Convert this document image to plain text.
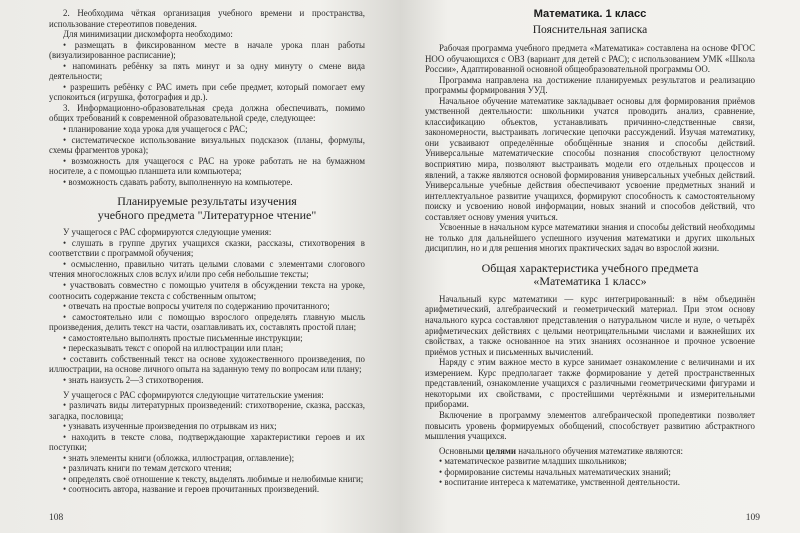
2. Необходима чёткая организация учебного времени и пространства, использование стереотипов поведения.

Для минимизации дискомфорта необходимо:

• размещать в фиксированном месте в начале урока план работы (визуализированное расписание);

• напоминать ребёнку за пять минут и за одну минуту о смене вида деятельности;

• разрешить ребёнку с РАС иметь при себе предмет, который помогает ему успокоиться (игрушка, фотография и др.).

3. Информационно-образовательная среда должна обеспечивать, помимо общих требований к современной образовательной среде, следующее:

• планирование хода урока для учащегося с РАС;

• систематическое использование визуальных подсказок (планы, формулы, схемы фрагментов урока);

• возможность для учащегося с РАС на уроке работать не на бумажном носителе, а с помощью планшета или компьютера;

• возможность сдавать работу, выполненную на компьютере.

Планируемые результаты изучения
учебного предмета "Литературное чтение"

У учащегося с РАС сформируются следующие умения:

• слушать в группе других учащихся сказки, рассказы, стихотворения в соответствии с программой обучения;

• осмысленно, правильно читать целыми словами с элементами слогового чтения многосложных слов вслух и/или про себя небольшие тексты;

• участвовать совместно с помощью учителя в обсуждении текста на уроке, соотносить содержание текста с собственным опытом;

• отвечать на простые вопросы учителя по содержанию прочитанного;

• самостоятельно или с помощью взрослого определять главную мысль произведения, делить текст на части, озаглавливать их, составлять простой план;

• самостоятельно выполнять простые письменные инструкции;

• пересказывать текст с опорой на иллюстрации или план;

• составить собственный текст на основе художественного произведения, по иллюстрации, на основе личного опыта на заданную тему по вопросам или плану;

• знать наизусть 2—3 стихотворения.

У учащегося с РАС сформируются следующие читательские умения:

• различать виды литературных произведений: стихотворение, сказка, рассказ, загадка, пословица;

• узнавать изученные произведения по отрывкам из них;

• находить в тексте слова, подтверждающие характеристики героев и их поступки;

• знать элементы книги (обложка, иллюстрация, оглавление);

• различать книги по темам детского чтения;

• определять своё отношение к тексту, выделять любимые и нелюбимые книги;

• соотносить автора, название и героев прочитанных произведений.

108
Математика. 1 класс
Пояснительная записка

Рабочая программа учебного предмета «Математика» составлена на основе ФГОС НОО обучающихся с ОВЗ (вариант для детей с РАС); с использованием УМК «Школа России», Адаптированной основной общеобразовательной программы ОО.

Программа направлена на достижение планируемых результатов и реализацию программы формирования УУД.

Начальное обучение математике закладывает основы для формирования приёмов умственной деятельности: школьники учатся проводить анализ, сравнение, классификацию объектов, устанавливать причинно-следственные связи, закономерности, выстраивать логические цепочки рассуждений. Изучая математику, они усваивают определённые обобщённые знания и способы действий. Универсальные математические способы познания способствуют целостному восприятию мира, позволяют выстраивать модели его отдельных процессов и явлений, а также являются основой формирования универсальных учебных действий. Универсальные учебные действия обеспечивают усвоение предметных знаний и интеллектуальное развитие учащихся, формируют способность к самостоятельному поиску и усвоению новой информации, новых знаний и способов действий, что составляет основу умения учиться.

Усвоенные в начальном курсе математики знания и способы действий необходимы не только для дальнейшего успешного изучения математики и других школьных дисциплин, но и для решения многих практических задач во взрослой жизни.

Общая характеристика учебного предмета
«Математика 1 класс»

Начальный курс математики — курс интегрированный: в нём объединён арифметический, алгебраический и геометрический материал. При этом основу начального курса составляют представления о натуральном числе и нуле, о четырёх арифметических действиях с целыми неотрицательными числами и важнейших их свойствах, а также основанное на этих знаниях осознанное и прочное усвоение приёмов устных и письменных вычислений.

Наряду с этим важное место в курсе занимает ознакомление с величинами и их измерением. Курс предполагает также формирование у детей пространственных представлений, ознакомление учащихся с различными геометрическими фигурами и некоторыми их свойствами, с простейшими чертёжными и измерительными приборами.

Включение в программу элементов алгебраической пропедевтики позволяет повысить уровень формируемых обобщений, способствует развитию абстрактного мышления учащихся.

Основными целями начального обучения математике являются:

• математическое развитие младших школьников;

• формирование системы начальных математических знаний;

• воспитание интереса к математике, умственной деятельности.

109
